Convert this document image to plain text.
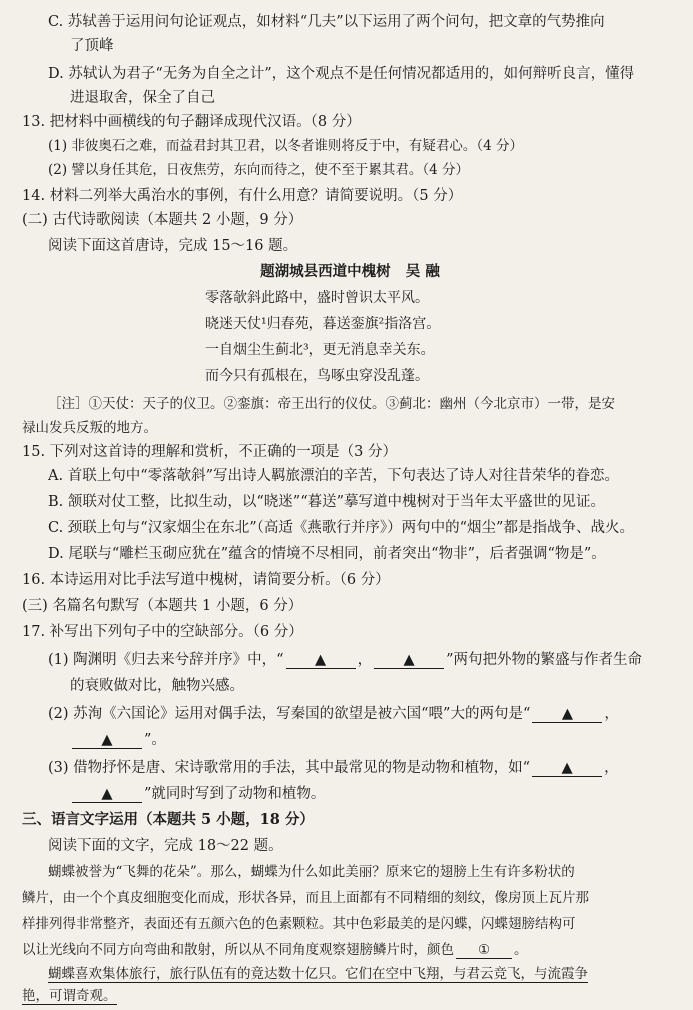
C. 苏轼善于运用问句论证观点，如材料“几夫”以下运用了两个问句，把文章的气势推向
了顶峰
D. 苏轼认为君子“无务为自全之计”，这个观点不是任何情况都适用的，如何辩听良言，懂得
进退取舍，保全了自己
13. 把材料中画横线的句子翻译成现代汉语。（8 分）
(1) 非彼奥石之难，而益君封其卫君，以冬者谁则将反于中，有疑君心。（4 分）
(2) 譬以身任其危，日夜焦劳，东向而待之，使不至于累其君。（4 分）
14. 材料二列举大禹治水的事例，有什么用意？请简要说明。（5 分）
(二) 古代诗歌阅读（本题共 2 小题，9 分）
阅读下面这首唐诗，完成 15～16 题。
题湖城县西道中槐树 吴 融
零落欹斜此路中，盛时曾识太平风。
晓迷天仗¹归春苑，暮送銮旗²指洛宫。
一自烟尘生蓟北³，更无消息幸关东。
而今只有孤根在，鸟啄虫穿没乱蓬。
［注］①天仗：天子的仪卫。②銮旗：帝王出行的仪仗。③蓟北：幽州（今北京市）一带，是安
禄山发兵反叛的地方。
15. 下列对这首诗的理解和赏析，不正确的一项是（3 分）
A. 首联上句中“零落欹斜”写出诗人羁旅漂泊的辛苦，下句表达了诗人对往昔荣华的眷恋。
B. 颔联对仗工整，比拟生动，以“晓迷”“暮送”摹写道中槐树对于当年太平盛世的见证。
C. 颈联上句与“汉家烟尘在东北”（高适《燕歌行并序》）两句中的“烟尘”都是指战争、战火。
D. 尾联与“雕栏玉砌应犹在”蕴含的情境不尽相同，前者突出“物非”，后者强调“物是”。
16. 本诗运用对比手法写道中槐树，请简要分析。（6 分）
(三) 名篇名句默写（本题共 1 小题，6 分）
17. 补写出下列句子中的空缺部分。（6 分）
(1) 陶渊明《归去来兮辞并序》中，“ ▲ ， ▲ ”两句把外物的繁盛与作者生命
的衰败做对比，触物兴感。
(2) 苏洵《六国论》运用对偶手法，写秦国的欲望是被六国“喂”大的两句是“ ▲ ，
▲ ”。
(3) 借物抒怀是唐、宋诗歌常用的手法，其中最常见的物是动物和植物，如“ ▲ ，
▲ ”就同时写到了动物和植物。
三、语言文字运用（本题共 5 小题，18 分）
阅读下面的文字，完成 18～22 题。
蝴蝶被誉为“飞舞的花朵”。那么，蝴蝶为什么如此美丽？原来它的翅膀上生有许多粉状的
鳞片，由一个个真皮细胞变化而成，形状各异，而且上面都有不同精细的刻纹，像房顶上瓦片那
样排列得非常整齐，表面还有五颜六色的色素颗粒。其中色彩最美的是闪蝶，闪蝶翅膀结构可
以让光线向不同方向弯曲和散射，所以从不同角度观察翅膀鳞片时，颜色 ① 。
蝴蝶喜欢集体旅行，旅行队伍有的竟达数十亿只。它们在空中飞翔，与君云竞飞，与流霞争
艳，可谓奇观。
